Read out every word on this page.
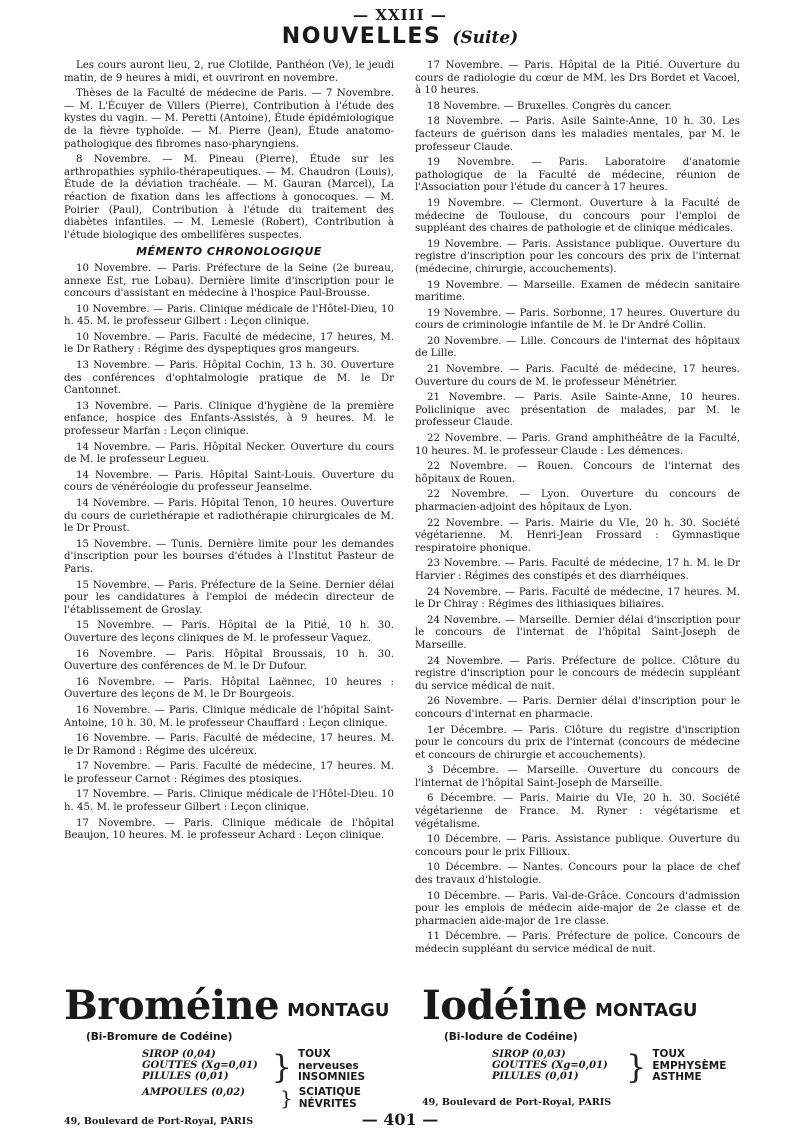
— XXIII —
NOUVELLES (Suite)

Les cours auront lieu, 2, rue Clotilde, Panthéon (Ve), le jeudi matin, de 9 heures à midi, et ouvriront en novembre.

Thèses de la Faculté de médecine de Paris. — 7 Novembre. — M. L'Écuyer de Villers (Pierre), Contribution à l'étude des kystes du vagin. — M. Peretti (Antoine), Étude épidémiologique de la fièvre typhoïde. — M. Pierre (Jean), Étude anatomo-pathologique des fibromes naso-pharyngiens.

8 Novembre. — M. Pineau (Pierre), Étude sur les arthropathies syphilo-thérapeutiques. — M. Chaudron (Louis), Étude de la déviation trachéale. — M. Gauran (Marcel), La réaction de fixation dans les affections à gonocoques. — M. Poirier (Paul), Contribution à l'étude du traitement des diabètes infantiles. — M. Lemesle (Robert), Contribution à l'étude biologique des ombellifères suspectes.

MÉMENTO CHRONOLOGIQUE

10 Novembre. — Paris. Préfecture de la Seine (2e bureau, annexe Est, rue Lobau). Dernière limite d'inscription pour le concours d'assistant en médecine à l'hospice Paul-Brousse.

10 Novembre. — Paris. Clinique médicale de l'Hôtel-Dieu, 10 h. 45. M. le professeur Gilbert : Leçon clinique.

10 Novembre. — Paris. Faculté de médecine, 17 heures, M. le Dr Rathery : Régime des dyspeptiques gros mangeurs.

13 Novembre. — Paris. Hôpital Cochin, 13 h. 30. Ouverture des conférences d'ophtalmologie pratique de M. le Dr Cantonnet.

13 Novembre. — Paris. Clinique d'hygiène de la première enfance, hospice des Enfants-Assistés, à 9 heures. M. le professeur Marfan : Leçon clinique.

14 Novembre. — Paris. Hôpital Necker. Ouverture du cours de M. le professeur Legueu.

14 Novembre. — Paris. Hôpital Saint-Louis. Ouverture du cours de vénéréologie du professeur Jeanselme.

14 Novembre. — Paris. Hôpital Tenon, 10 heures. Ouverture du cours de curiethérapie et radiothérapie chirurgicales de M. le Dr Proust.

15 Novembre. — Tunis. Dernière limite pour les demandes d'inscription pour les bourses d'études à l'Institut Pasteur de Paris.

15 Novembre. — Paris. Préfecture de la Seine. Dernier délai pour les candidatures à l'emploi de médecin directeur de l'établissement de Groslay.

15 Novembre. — Paris. Hôpital de la Pitié, 10 h. 30. Ouverture des leçons cliniques de M. le professeur Vaquez.

16 Novembre. — Paris. Hôpital Broussais, 10 h. 30. Ouverture des conférences de M. le Dr Dufour.

16 Novembre. — Paris. Hôpital Laënnec, 10 heures : Ouverture des leçons de M. le Dr Bourgeois.

16 Novembre. — Paris. Clinique médicale de l'hôpital Saint-Antoine, 10 h. 30. M. le professeur Chauffard : Leçon clinique.

16 Novembre. — Paris. Faculté de médecine, 17 heures. M. le Dr Ramond : Régime des ulcéreux.

17 Novembre. — Paris. Faculté de médecine, 17 heures. M. le professeur Carnot : Régimes des ptosiques.

17 Novembre. — Paris. Clinique médicale de l'Hôtel-Dieu. 10 h. 45. M. le professeur Gilbert : Leçon clinique.

17 Novembre. — Paris. Clinique médicale de l'hôpital Beaujon, 10 heures. M. le professeur Achard : Leçon clinique.

17 Novembre. — Paris. Hôpital de la Pitié. Ouverture du cours de radiologie du cœur de MM. les Drs Bordet et Vacoel, à 10 heures.

18 Novembre. — Bruxelles. Congrès du cancer.

18 Novembre. — Paris. Asile Sainte-Anne, 10 h. 30. Les facteurs de guérison dans les maladies mentales, par M. le professeur Claude.

19 Novembre. — Paris. Laboratoire d'anatomie pathologique de la Faculté de médecine, réunion de l'Association pour l'étude du cancer à 17 heures.

19 Novembre. — Clermont. Ouverture à la Faculté de médecine de Toulouse, du concours pour l'emploi de suppléant des chaires de pathologie et de clinique médicales.

19 Novembre. — Paris. Assistance publique. Ouverture du registre d'inscription pour les concours des prix de l'internat (médecine, chirurgie, accouchements).

19 Novembre. — Marseille. Examen de médecin sanitaire maritime.

19 Novembre. — Paris. Sorbonne, 17 heures. Ouverture du cours de criminologie infantile de M. le Dr André Collin.

20 Novembre. — Lille. Concours de l'internat des hôpitaux de Lille.

21 Novembre. — Paris. Faculté de médecine, 17 heures. Ouverture du cours de M. le professeur Ménétrier.

21 Novembre. — Paris. Asile Sainte-Anne, 10 heures. Policlinique avec présentation de malades, par M. le professeur Claude.

22 Novembre. — Paris. Grand amphithéâtre de la Faculté, 10 heures. M. le professeur Claude : Les démences.

22 Novembre. — Rouen. Concours de l'internat des hôpitaux de Rouen.

22 Novembre. — Lyon. Ouverture du concours de pharmacien-adjoint des hôpitaux de Lyon.

22 Novembre. — Paris. Mairie du VIe, 20 h. 30. Société végétarienne. M. Henri-Jean Frossard : Gymnastique respiratoire phonique.

23 Novembre. — Paris. Faculté de médecine, 17 h. M. le Dr Harvier : Régimes des constipés et des diarrhéiques.

24 Novembre. — Paris. Faculté de médecine, 17 heures. M. le Dr Chiray : Régimes des lithiasiques biliaires.

24 Novembre. — Marseille. Dernier délai d'inscription pour le concours de l'internat de l'hôpital Saint-Joseph de Marseille.

24 Novembre. — Paris. Préfecture de police. Clôture du registre d'inscription pour le concours de médecin suppléant du service médical de nuit.

26 Novembre. — Paris. Dernier délai d'inscription pour le concours d'internat en pharmacie.

1er Décembre. — Paris. Clôture du registre d'inscription pour le concours du prix de l'internat (concours de médecine et concours de chirurgie et accouchements).

3 Décembre. — Marseille. Ouverture du concours de l'internat de l'hôpital Saint-Joseph de Marseille.

6 Décembre. — Paris. Mairie du VIe, 20 h. 30. Société végétarienne de France. M. Ryner : végétarisme et végétalisme.

10 Décembre. — Paris. Assistance publique. Ouverture du concours pour le prix Fillioux.

10 Décembre. — Nantes. Concours pour la place de chef des travaux d'histologie.

10 Décembre. — Paris. Val-de-Grâce. Concours d'admission pour les emplois de médecin aide-major de 2e classe et de pharmacien aide-major de 1re classe.

11 Décembre. — Paris. Préfecture de police. Concours de médecin suppléant du service médical de nuit.

Broméine MONTAGU
(Bi-Bromure de Codéine)
SIROP (0,04)
GOUTTES (Xg=0,01)
PILULES (0,01)	} TOUX nerveuses
INSOMNIES
AMPOULES (0,02)	} SCIATIQUE
NÉVRITES
49, Boulevard de Port-Royal, PARIS
Iodéine MONTAGU
(Bi-Iodure de Codéine)
SIROP (0,03)
GOUTTES (Xg=0,01)
PILULES (0,01)	} TOUX
EMPHYSÈME
ASTHME
49, Boulevard de Port-Royal, PARIS
— 401 —
